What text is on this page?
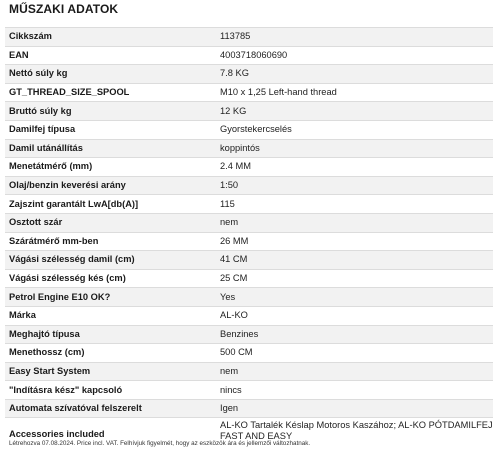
MŰSZAKI ADATOK
Cikkszám	113785
EAN	4003718060690
Nettó súly kg	7.8 KG
GT_THREAD_SIZE_SPOOL	M10 x 1,25 Left-hand thread
Bruttó súly kg	12 KG
Damilfej típusa	Gyorstekercselés
Damil utánállítás	koppintós
Menetátmérő (mm)	2.4 MM
Olaj/benzin keverési arány	1:50
Zajszint garantált LwA[db(A)]	115
Osztott szár	nem
Szárátmérő mm-ben	26 MM
Vágási szélesség damil (cm)	41 CM
Vágási szélesség kés (cm)	25 CM
Petrol Engine E10 OK?	Yes
Márka	AL-KO
Meghajtó típusa	Benzines
Menethossz (cm)	500 CM
Easy Start System	nem
"Indításra kész" kapcsoló	nincs
Automata szívatóval felszerelt	Igen
Accessories included	AL-KO Tartalék Késlap Motoros Kaszához; AL-KO PÓTDAMILFEJ FAST AND EASY
Létrehozva 07.08.2024. Price incl. VAT. Felhívjuk figyelmét, hogy az eszközök ára és jellemzői változhatnak.
